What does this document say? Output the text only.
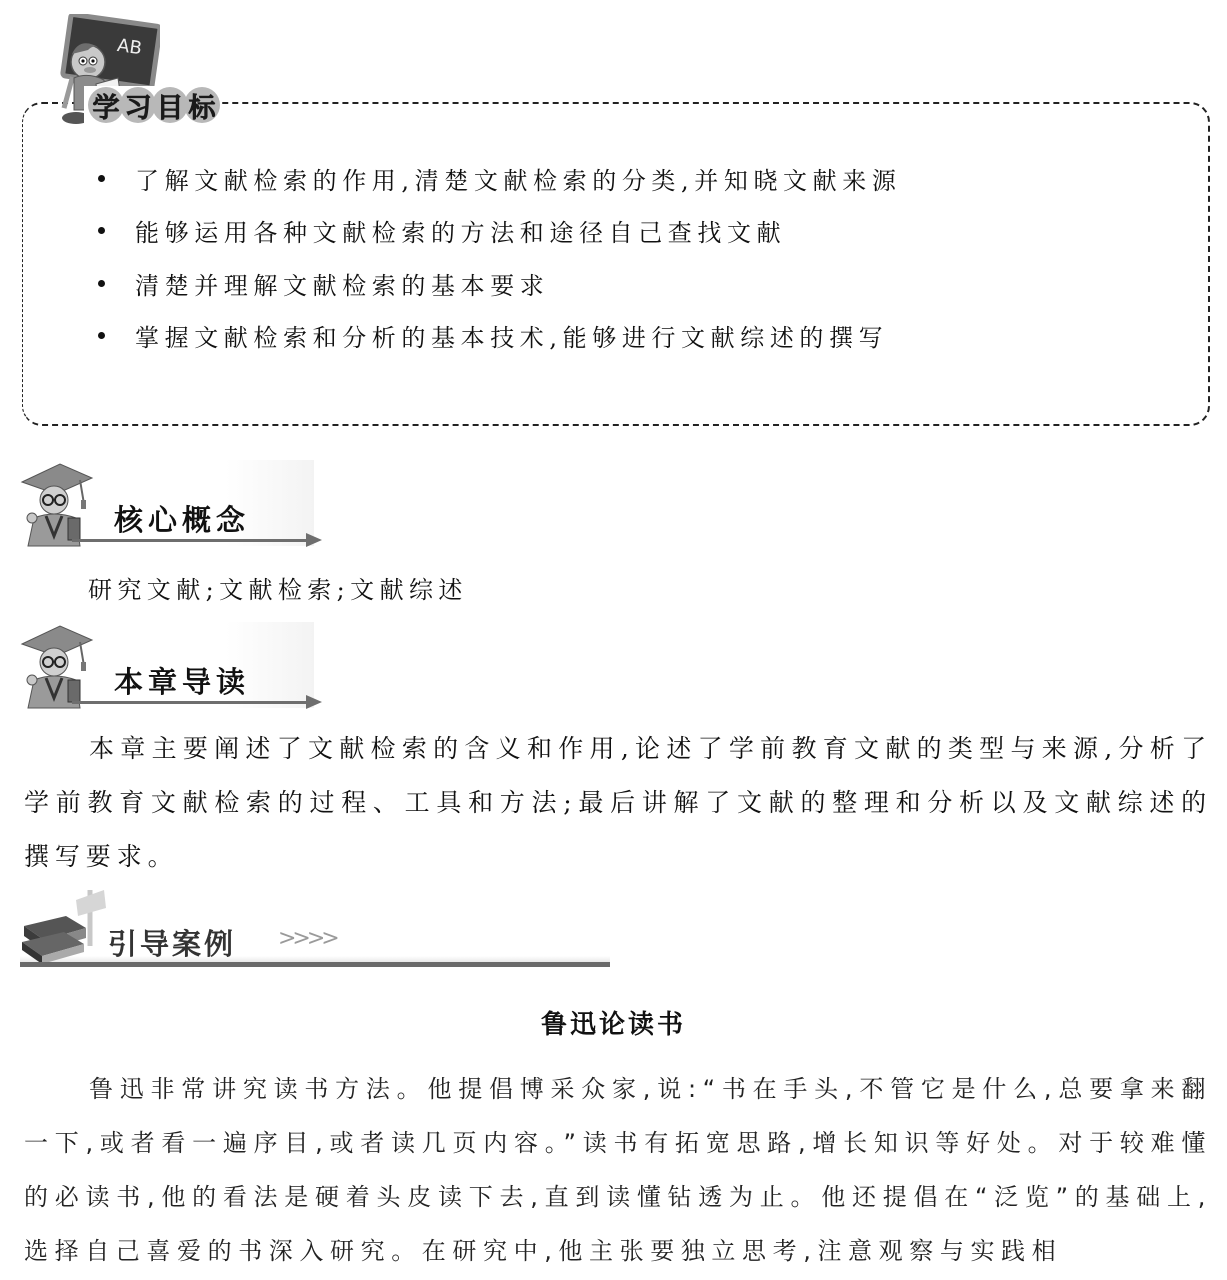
AB
学 习 目 标
了解文献检索的作用,清楚文献检索的分类,并知晓文献来源
能够运用各种文献检索的方法和途径自己查找文献
清楚并理解文献检索的基本要求
掌握文献检索和分析的基本技术,能够进行文献综述的撰写
核心概念
研究文献;文献检索;文献综述
本章导读

本章主要阐述了文献检索的含义和作用,论述了学前教育文献的类型与来源,分析了学前教育文献检索的过程、工具和方法;最后讲解了文献的整理和分析以及文献综述的撰写要求。

引导案例 >>>>
鲁迅论读书

鲁迅非常讲究读书方法。他提倡博采众家,说:“书在手头,不管它是什么,总要拿来翻一下,或者看一遍序目,或者读几页内容。”读书有拓宽思路,增长知识等好处。对于较难懂的必读书,他的看法是硬着头皮读下去,直到读懂钻透为止。他还提倡在“泛览”的基础上,选择自己喜爱的书深入研究。在研究中,他主张要独立思考,注意观察与实践相
